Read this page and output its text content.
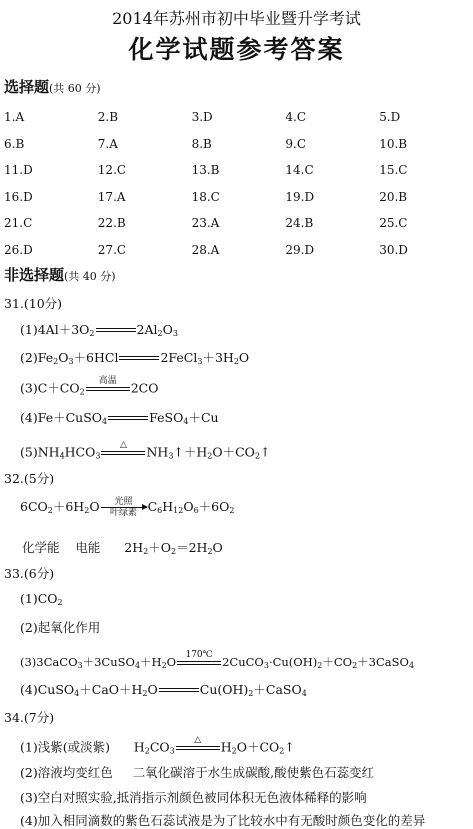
2014年苏州市初中毕业暨升学考试
化学试题参考答案
选择题(共 60 分)
1.A	2.B	3.D	4.C	5.D
6.B	7.A	8.B	9.C	10.B
11.D	12.C	13.B	14.C	15.C
16.D	17.A	18.C	19.D	20.B
21.C	22.B	23.A	24.B	25.C
26.D	27.C	28.A	29.D	30.D
非选择题(共 40 分)
31.(10分)
$(1)4Al+3O_2$	$2Al_2O_3$
$(2)Fe_2O_3+6HCl$	$2FeCl_3+3H_2O$
$(3)C+CO_2$
高温
	2CO
(4)Fe＋CuSO$_4$	FeSO$_4$＋Cu
$(5)NH_4HCO_3$
△
	$NH_3↑+H_2O+CO_2↑$
32.(5分)
$6CO_2+6H_2O$	光照
叶绿素 $C_6H_{12}O_6+6O_2$
化学能 电能      $2H_2+O_2=2H_2O$
33.(6分)
$(1)CO_2$
(2)起氧化作用
$(3)3CaCO_3+3CuSO_4+H_2O$	170℃
$2CuCO_3\cdot Cu(OH)_2+CO_2+3CaSO_4$
$(4)CuSO_4+CaO+H_2O$	$Cu(OH)_2+CaSO_4$
34.(7分)
(1)浅紫(或淡紫)      $H_2CO_3$
△
	$H_2O+CO_2↑$
(2)溶液均变红色 二氧化碳溶于水生成碳酸,酸使紫色石蕊变红
(3)空白对照实验,抵消指示剂颜色被同体积无色液体稀释的影响
(4)加入相同滴数的紫色石蕊试液是为了比较水中有无酸时颜色变化的差异
